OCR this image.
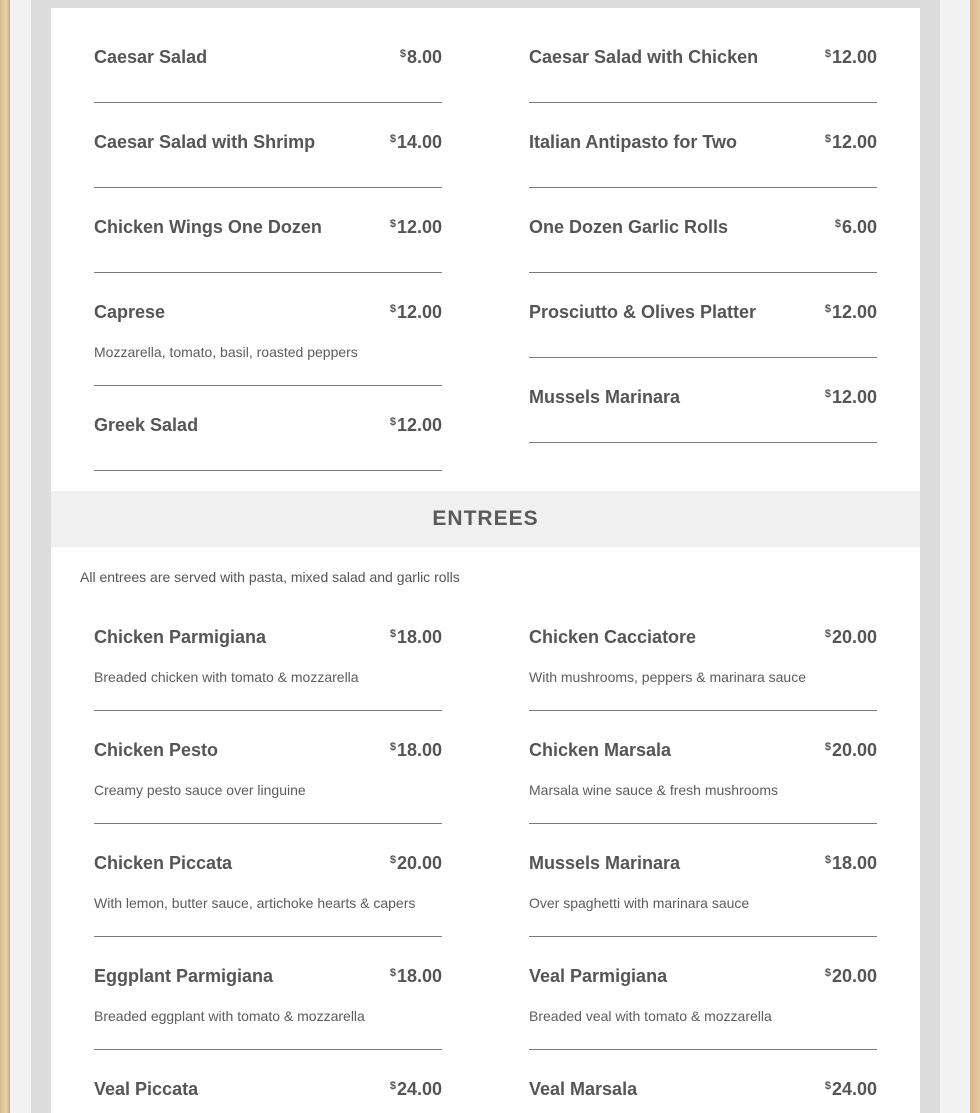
Caesar Salad	$8.00
Caesar Salad with Shrimp	$14.00
Chicken Wings One Dozen	$12.00
Caprese	$12.00
Mozzarella, tomato, basil, roasted peppers
Greek Salad	$12.00
Caesar Salad with Chicken	$12.00
Italian Antipasto for Two	$12.00
One Dozen Garlic Rolls	$6.00
Prosciutto & Olives Platter	$12.00
Mussels Marinara	$12.00
ENTREES
All entrees are served with pasta, mixed salad and garlic rolls
Chicken Parmigiana	$18.00
Breaded chicken with tomato & mozzarella
Chicken Pesto	$18.00
Creamy pesto sauce over linguine
Chicken Piccata	$20.00
With lemon, butter sauce, artichoke hearts & capers
Eggplant Parmigiana	$18.00
Breaded eggplant with tomato & mozzarella
Veal Piccata	$24.00
Chicken Cacciatore	$20.00
With mushrooms, peppers & marinara sauce
Chicken Marsala	$20.00
Marsala wine sauce & fresh mushrooms
Mussels Marinara	$18.00
Over spaghetti with marinara sauce
Veal Parmigiana	$20.00
Breaded veal with tomato & mozzarella
Veal Marsala	$24.00
